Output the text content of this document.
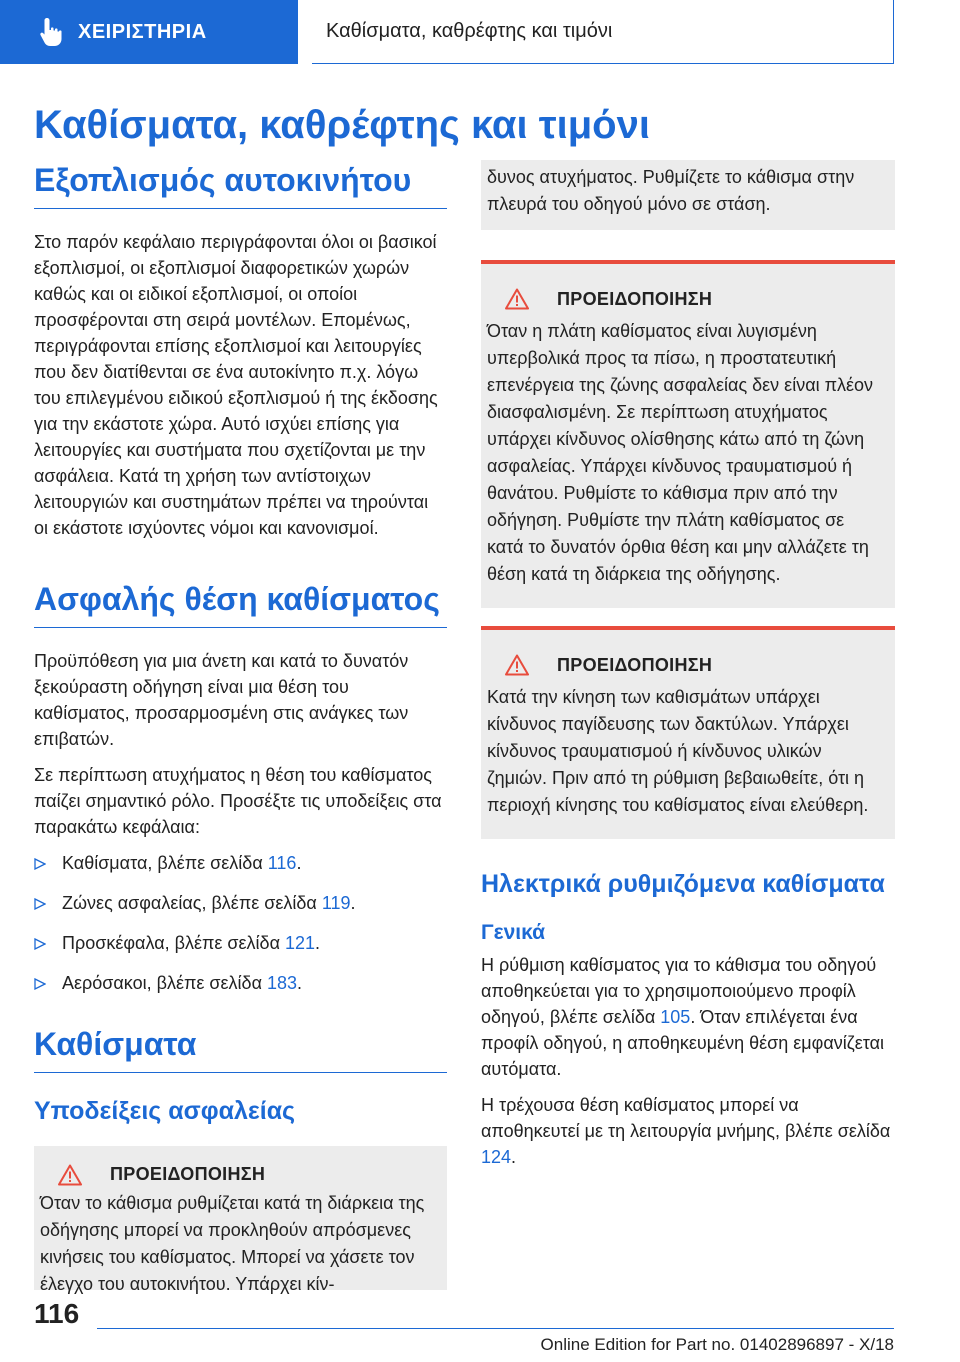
ΧΕΙΡΙΣΤΗΡΙΑ	Καθίσματα, καθρέφτης και τιμόνι
Καθίσματα, καθρέφτης και τιμόνι
Εξοπλισμός αυτοκινήτου

Στο παρόν κεφάλαιο περιγράφονται όλοι οι βασικοί εξοπλισμοί, οι εξοπλισμοί διαφορετικών χωρών καθώς και οι ειδικοί εξοπλισμοί, οι οποίοι προσφέρονται στη σειρά μοντέλων. Επομένως, περιγράφονται επίσης εξοπλισμοί και λειτουργίες που δεν διατίθενται σε ένα αυτοκίνητο π.χ. λόγω του επιλεγμένου ειδικού εξοπλισμού ή της έκδοσης για την εκάστοτε χώρα. Αυτό ισχύει επίσης για λειτουργίες και συστήματα που σχετίζονται με την ασφάλεια. Κατά τη χρήση των αντίστοιχων λειτουργιών και συστημάτων πρέπει να τηρούνται οι εκάστοτε ισχύοντες νόμοι και κανονισμοί.

Ασφαλής θέση καθίσματος

Προϋπόθεση για μια άνετη και κατά το δυνατόν ξεκούραστη οδήγηση είναι μια θέση του καθίσματος, προσαρμοσμένη στις ανάγκες των επιβατών.

Σε περίπτωση ατυχήματος η θέση του καθίσματος παίζει σημαντικό ρόλο. Προσέξτε τις υποδείξεις στα παρακάτω κεφάλαια:

Καθίσματα, βλέπε σελίδα 116.
Ζώνες ασφαλείας, βλέπε σελίδα 119.
Προσκέφαλα, βλέπε σελίδα 121.
Αερόσακοι, βλέπε σελίδα 183.
Καθίσματα
Υποδείξεις ασφαλείας
ΠΡΟΕΙΔΟΠΟΙΗΣΗ

Όταν το κάθισμα ρυθμίζεται κατά τη διάρκεια της οδήγησης μπορεί να προκληθούν απρόσμενες κινήσεις του καθίσματος. Μπορεί να χάσετε τον έλεγχο του αυτοκινήτου. Υπάρχει κίν-

δυνος ατυχήματος. Ρυθμίζετε το κάθισμα στην πλευρά του οδηγού μόνο σε στάση.

ΠΡΟΕΙΔΟΠΟΙΗΣΗ

Όταν η πλάτη καθίσματος είναι λυγισμένη υπερβολικά προς τα πίσω, η προστατευτική επενέργεια της ζώνης ασφαλείας δεν είναι πλέον διασφαλισμένη. Σε περίπτωση ατυχήματος υπάρχει κίνδυνος ολίσθησης κάτω από τη ζώνη ασφαλείας. Υπάρχει κίνδυνος τραυματισμού ή θανάτου. Ρυθμίστε το κάθισμα πριν από την οδήγηση. Ρυθμίστε την πλάτη καθίσματος σε κατά το δυνατόν όρθια θέση και μην αλλάζετε τη θέση κατά τη διάρκεια της οδήγησης.

ΠΡΟΕΙΔΟΠΟΙΗΣΗ

Κατά την κίνηση των καθισμάτων υπάρχει κίνδυνος παγίδευσης των δακτύλων. Υπάρχει κίνδυνος τραυματισμού ή κίνδυνος υλικών ζημιών. Πριν από τη ρύθμιση βεβαιωθείτε, ότι η περιοχή κίνησης του καθίσματος είναι ελεύθερη.

Ηλεκτρικά ρυθμιζόμενα καθίσματα
Γενικά

Η ρύθμιση καθίσματος για το κάθισμα του οδηγού αποθηκεύεται για το χρησιμοποιούμενο προφίλ οδηγού, βλέπε σελίδα 105. Όταν επιλέγεται ένα προφίλ οδηγού, η αποθηκευμένη θέση εμφανίζεται αυτόματα.

Η τρέχουσα θέση καθίσματος μπορεί να αποθηκευτεί με τη λειτουργία μνήμης, βλέπε σελίδα 124.

116
Online Edition for Part no. 01402896897 - X/18
